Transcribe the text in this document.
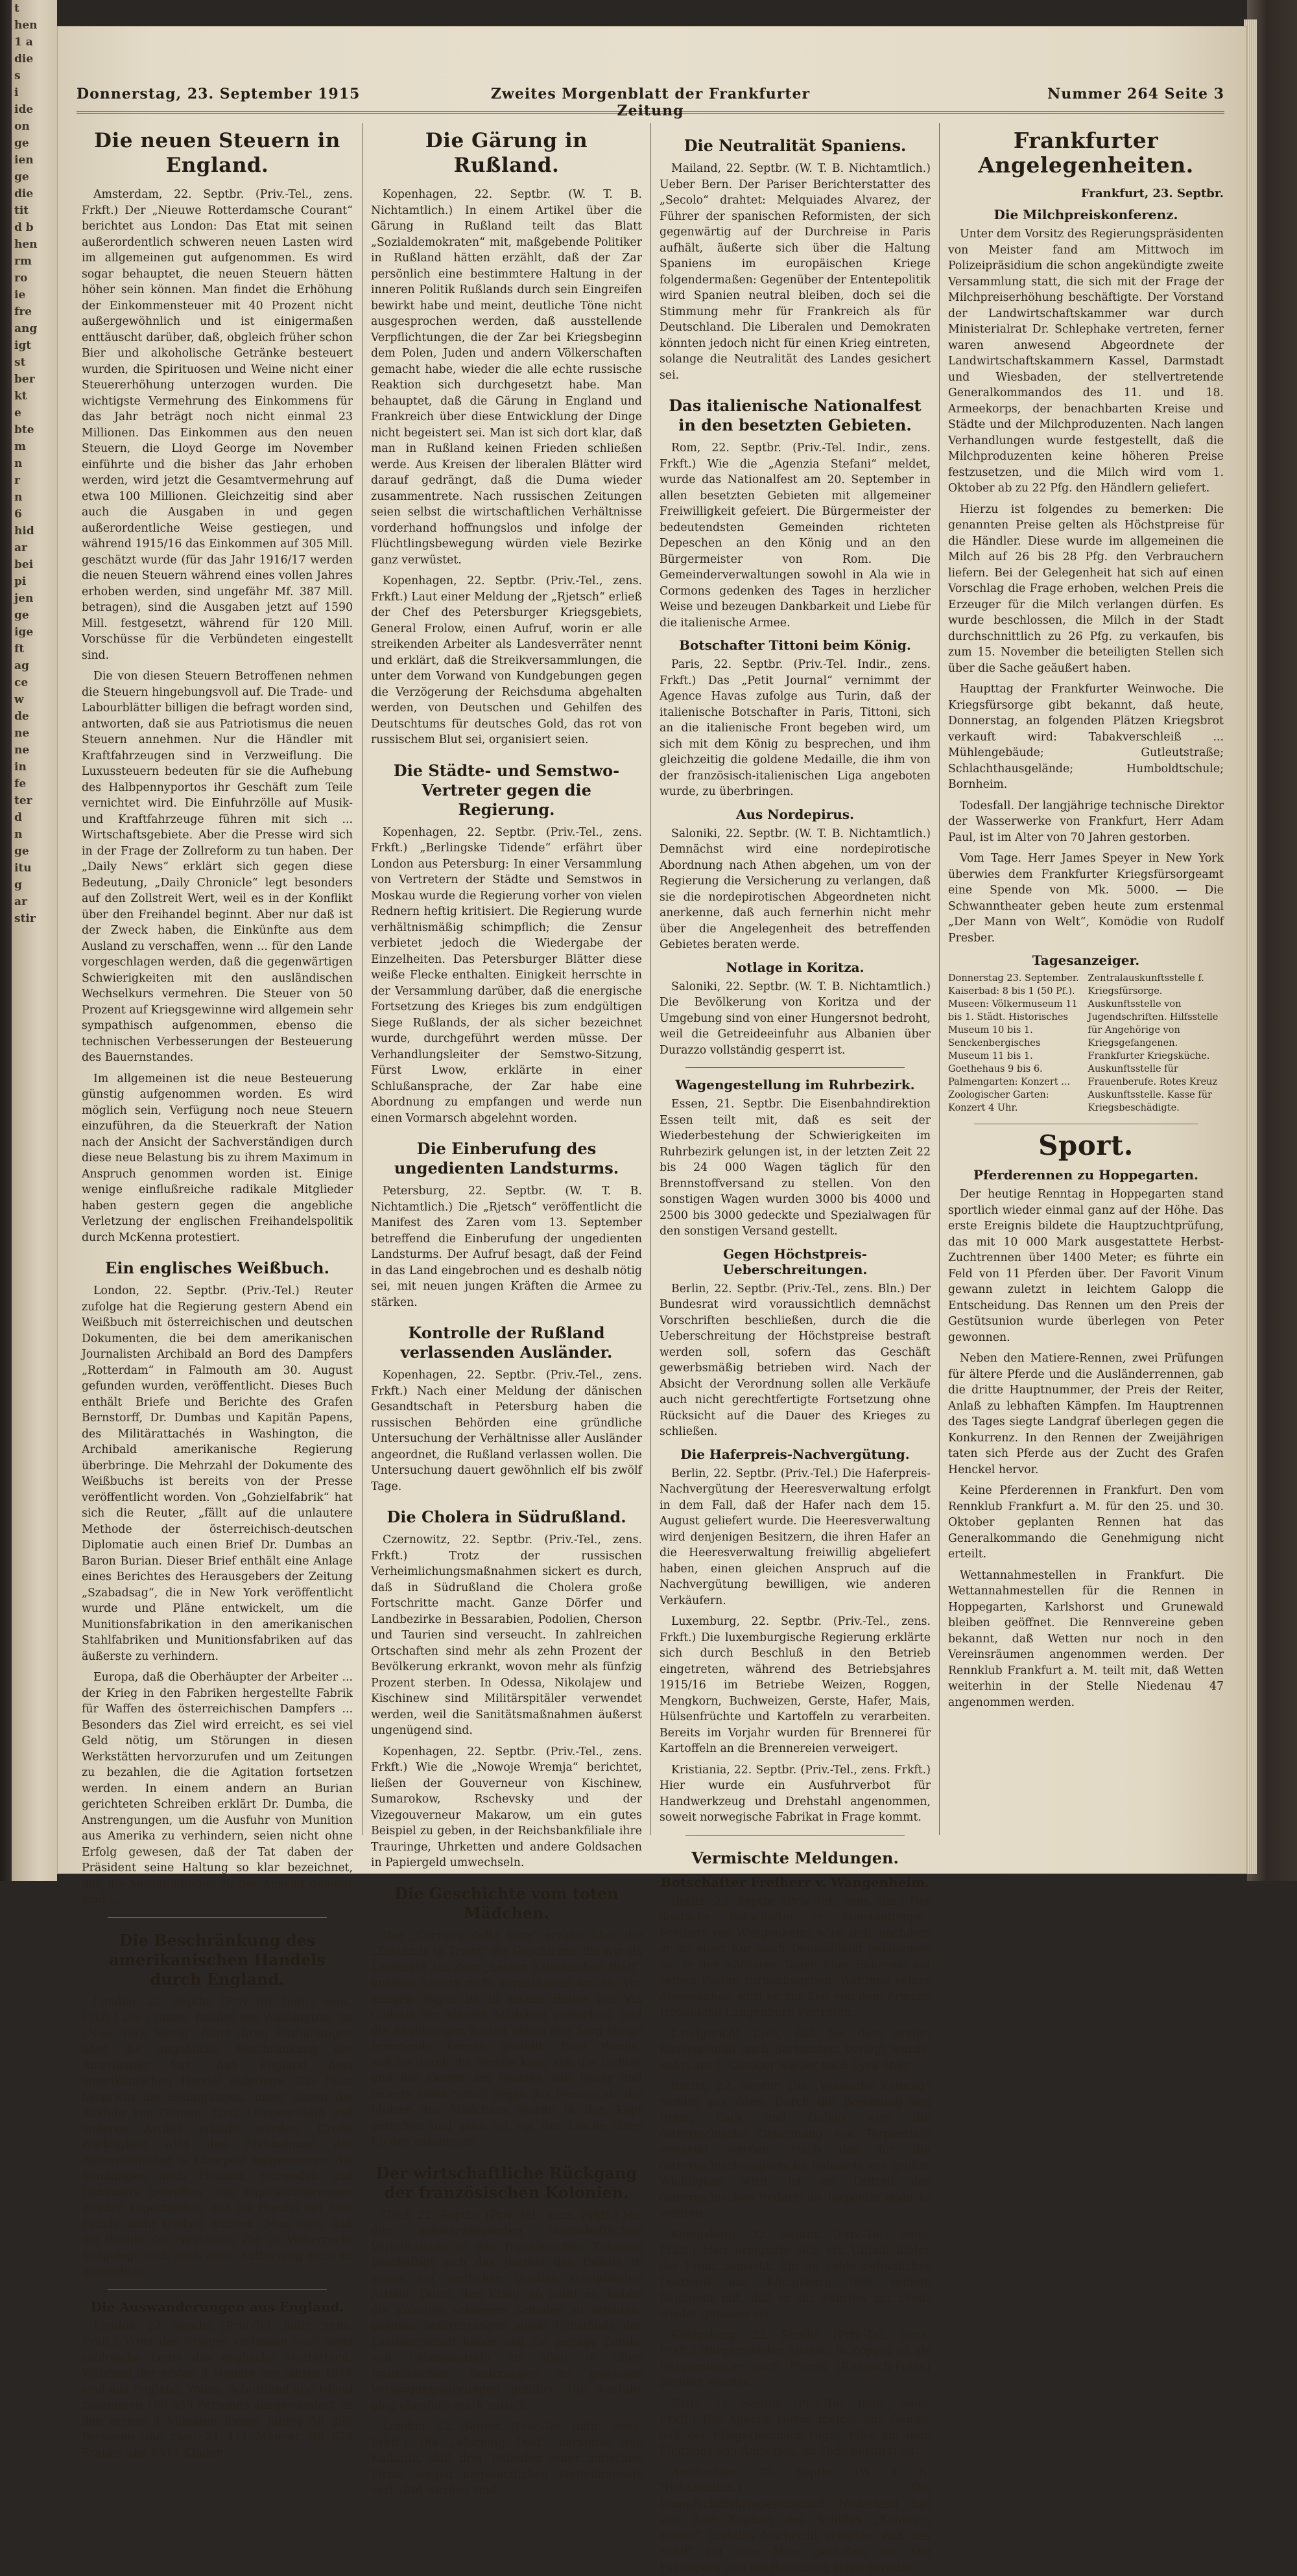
t
hen
1 a
die
s
i
ide
on
ge
ien
ge
die
tit
d b
hen
rm
ro
ie
fre
ang
igt
st
ber
kt
e
bte
m
n
r
n
6
hid
ar
bei
pi
jen
ge
ige
ft
ag
ce
w
de
ne
ne
in
fe
ter
d
n
ge
itu
g
ar
stir
Donnerstag, 23. September 1915	Zweites Morgenblatt der Frankfurter Zeitung
Nummer 264 Seite 3
Die neuen Steuern in England.

Amsterdam, 22. Septbr. (Priv.-Tel., zens. Frkft.) Der „Nieuwe Rotterdamsche Courant“ berichtet aus London: Das Etat mit seinen außerordentlich schweren neuen Lasten wird im allgemeinen gut aufgenommen. Es wird sogar behauptet, die neuen Steuern hätten höher sein können. Man findet die Erhöhung der Einkommensteuer mit 40 Prozent nicht außergewöhnlich und ist einigermaßen enttäuscht darüber, daß, obgleich früher schon Bier und alkoholische Getränke besteuert wurden, die Spirituosen und Weine nicht einer Steuererhöhung unterzogen wurden. Die wichtigste Vermehrung des Einkommens für das Jahr beträgt noch nicht einmal 23 Millionen. Das Einkommen aus den neuen Steuern, die Lloyd George im November einführte und die bisher das Jahr erhoben werden, wird jetzt die Gesamtvermehrung auf etwa 100 Millionen. Gleichzeitig sind aber auch die Ausgaben in und gegen außerordentliche Weise gestiegen, und während 1915/16 das Einkommen auf 305 Mill. geschätzt wurde (für das Jahr 1916/17 werden die neuen Steuern während eines vollen Jahres erhoben werden, sind ungefähr Mf. 387 Mill. betragen), sind die Ausgaben jetzt auf 1590 Mill. festgesetzt, während für 120 Mill. Vorschüsse für die Verbündeten eingestellt sind.

Die von diesen Steuern Betroffenen nehmen die Steuern hingebungsvoll auf. Die Trade- und Labourblätter billigen die befragt worden sind, antworten, daß sie aus Patriotismus die neuen Steuern annehmen. Nur die Händler mit Kraftfahrzeugen sind in Verzweiflung. Die Luxussteuern bedeuten für sie die Aufhebung des Halbpennyportos ihr Geschäft zum Teile vernichtet wird. Die Einfuhrzölle auf Musik- und Kraftfahrzeuge führen mit sich ... Wirtschaftsgebiete. Aber die Presse wird sich in der Frage der Zollreform zu tun haben. Der „Daily News“ erklärt sich gegen diese Bedeutung, „Daily Chronicle“ legt besonders auf den Zollstreit Wert, weil es in der Konflikt über den Freihandel beginnt. Aber nur daß ist der Zweck haben, die Einkünfte aus dem Ausland zu verschaffen, wenn ... für den Lande vorgeschlagen werden, daß die gegenwärtigen Schwierigkeiten mit den ausländischen Wechselkurs vermehren. Die Steuer von 50 Prozent auf Kriegsgewinne wird allgemein sehr sympathisch aufgenommen, ebenso die technischen Verbesserungen der Besteuerung des Bauernstandes.

Im allgemeinen ist die neue Besteuerung günstig aufgenommen worden. Es wird möglich sein, Verfügung noch neue Steuern einzuführen, da die Steuerkraft der Nation nach der Ansicht der Sachverständigen durch diese neue Belastung bis zu ihrem Maximum in Anspruch genommen worden ist. Einige wenige einflußreiche radikale Mitglieder haben gestern gegen die angebliche Verletzung der englischen Freihandelspolitik durch McKenna protestiert.

Ein englisches Weißbuch.

London, 22. Septbr. (Priv.-Tel.) Reuter zufolge hat die Regierung gestern Abend ein Weißbuch mit österreichischen und deutschen Dokumenten, die bei dem amerikanischen Journalisten Archibald an Bord des Dampfers „Rotterdam“ in Falmouth am 30. August gefunden wurden, veröffentlicht. Dieses Buch enthält Briefe und Berichte des Grafen Bernstorff, Dr. Dumbas und Kapitän Papens, des Militärattachés in Washington, die Archibald amerikanische Regierung überbringe. Die Mehrzahl der Dokumente des Weißbuchs ist bereits von der Presse veröffentlicht worden. Von „Gohzielfabrik“ hat sich die Reuter, „fällt auf die unlautere Methode der österreichisch-deutschen Diplomatie auch einen Brief Dr. Dumbas an Baron Burian. Dieser Brief enthält eine Anlage eines Berichtes des Herausgebers der Zeitung „Szabadsag“, die in New York veröffentlicht wurde und Pläne entwickelt, um die Munitionsfabrikation in den amerikanischen Stahlfabriken und Munitionsfabriken auf das äußerste zu verhindern.

Europa, daß die Oberhäupter der Arbeiter ... der Krieg in den Fabriken hergestellte Fabrik für Waffen des österreichischen Dampfers ... Besonders das Ziel wird erreicht, es sei viel Geld nötig, um Störungen in diesen Werkstätten hervorzurufen und um Zeitungen zu bezahlen, die die Agitation fortsetzen werden. In einem andern an Burian gerichteten Schreiben erklärt Dr. Dumba, die Anstrengungen, um die Ausfuhr von Munition aus Amerika zu verhindern, seien nicht ohne Erfolg gewesen, daß der Tat daben der Präsident seine Haltung so klar bezeichnet, daß die Verhandlungen zu der Ansicht gelangt sind ...

Die Beschränkung des amerikanischen Handels durch England.

London, 22. Septbr. (Priv.-Tel. Indir., zens. Frkft.) Die „Times“ meldet aus Washington: Im „New York World“ führt ihren Enthüllungen über die angebliche Beschränkung der Amerikaner fort, daß England dem amerikanischen Handel auferlege. Das Blatt bespricht die Bedingungen, unter denen die Ausfuhr von Gummi, Zinn, Düngemitteln und anderen Artikel erlaubt werden. Große Wichtigkeit wird den Maßnahmen der Baumwollfelder in Liverpool beigemessen, die Sendungen nach Holland, Schweden und Dänemark betreffen. Die Kapitaläußerungen werden zugestanden, daß sie Handel mit dem Feinde nicht treiben würden. Man sagt, daß die Rechte der Neutralen, die im Völkerrecht festgelegt sind, nach einer Auffassung nicht zu missachten.

Die Auswanderungen aus England.

London, 22. Septbr. (Priv.-Tel. Indir., zens. Frkft.) Trotz des Krieges verlassen noch stets zahlreiche Leute das englische Mutterland. Während der ersten 8 Monate des Jahres 1914 sind aus England, Wales, Schottland und Irland zusammen 160 539 Personen ausgewandert, in den ersten 8 Monaten dieses Jahres 50 398 Personen und zwar 21 411 Männer, 20 673 Frauen und 8314 Kinder.

Die Gärung in Rußland.

Kopenhagen, 22. Septbr. (W. T. B. Nichtamtlich.) In einem Artikel über die Gärung in Rußland teilt das Blatt „Sozialdemokraten“ mit, maßgebende Politiker in Rußland hätten erzählt, daß der Zar persönlich eine bestimmtere Haltung in der inneren Politik Rußlands durch sein Eingreifen bewirkt habe und meint, deutliche Töne nicht ausgesprochen werden, daß ausstellende Verpflichtungen, die der Zar bei Kriegsbeginn dem Polen, Juden und andern Völkerschaften gemacht habe, wieder die alle echte russische Reaktion sich durchgesetzt habe. Man behauptet, daß die Gärung in England und Frankreich über diese Entwicklung der Dinge nicht begeistert sei. Man ist sich dort klar, daß man in Rußland keinen Frieden schließen werde. Aus Kreisen der liberalen Blätter wird darauf gedrängt, daß die Duma wieder zusammentrete. Nach russischen Zeitungen seien selbst die wirtschaftlichen Verhältnisse vorderhand hoffnungslos und infolge der Flüchtlingsbewegung würden viele Bezirke ganz verwüstet.

Kopenhagen, 22. Septbr. (Priv.-Tel., zens. Frkft.) Laut einer Meldung der „Rjetsch“ erließ der Chef des Petersburger Kriegsgebiets, General Frolow, einen Aufruf, worin er alle streikenden Arbeiter als Landesverräter nennt und erklärt, daß die Streikversammlungen, die unter dem Vorwand von Kundgebungen gegen die Verzögerung der Reichsduma abgehalten werden, von Deutschen und Gehilfen des Deutschtums für deutsches Gold, das rot von russischem Blut sei, organisiert seien.

Die Städte- und Semstwo-Vertreter gegen die Regierung.

Kopenhagen, 22. Septbr. (Priv.-Tel., zens. Frkft.) „Berlingske Tidende“ erfährt über London aus Petersburg: In einer Versammlung von Vertretern der Städte und Semstwos in Moskau wurde die Regierung vorher von vielen Rednern heftig kritisiert. Die Regierung wurde verhältnismäßig schimpflich; die Zensur verbietet jedoch die Wiedergabe der Einzelheiten. Das Petersburger Blätter diese weiße Flecke enthalten. Einigkeit herrschte in der Versammlung darüber, daß die energische Fortsetzung des Krieges bis zum endgültigen Siege Rußlands, der als sicher bezeichnet wurde, durchgeführt werden müsse. Der Verhandlungsleiter der Semstwo-Sitzung, Fürst Lwow, erklärte in einer Schlußansprache, der Zar habe eine Abordnung zu empfangen und werde nun einen Vormarsch abgelehnt worden.

Die Einberufung des ungedienten Landsturms.

Petersburg, 22. Septbr. (W. T. B. Nichtamtlich.) Die „Rjetsch“ veröffentlicht die Manifest des Zaren vom 13. September betreffend die Einberufung der ungedienten Landsturms. Der Aufruf besagt, daß der Feind in das Land eingebrochen und es deshalb nötig sei, mit neuen jungen Kräften die Armee zu stärken.

Kontrolle der Rußland verlassenden Ausländer.

Kopenhagen, 22. Septbr. (Priv.-Tel., zens. Frkft.) Nach einer Meldung der dänischen Gesandtschaft in Petersburg haben die russischen Behörden eine gründliche Untersuchung der Verhältnisse aller Ausländer angeordnet, die Rußland verlassen wollen. Die Untersuchung dauert gewöhnlich elf bis zwölf Tage.

Die Cholera in Südrußland.

Czernowitz, 22. Septbr. (Priv.-Tel., zens. Frkft.) Trotz der russischen Verheimlichungsmaßnahmen sickert es durch, daß in Südrußland die Cholera große Fortschritte macht. Ganze Dörfer und Landbezirke in Bessarabien, Podolien, Cherson und Taurien sind verseucht. In zahlreichen Ortschaften sind mehr als zehn Prozent der Bevölkerung erkrankt, wovon mehr als fünfzig Prozent sterben. In Odessa, Nikolajew und Kischinew sind Militärspitäler verwendet werden, weil die Sanitätsmaßnahmen äußerst ungenügend sind.

Kopenhagen, 22. Septbr. (Priv.-Tel., zens. Frkft.) Wie die „Nowoje Wremja“ berichtet, ließen der Gouverneur von Kischinew, Sumarokow, Rschevsky und der Vizegouverneur Makarow, um ein gutes Beispiel zu geben, in der Reichsbankfiliale ihre Trauringe, Uhrketten und andere Goldsachen in Papiergeld umwechseln.

Die Geschichte vom toten Mädchen.

Der „Corriere della Sera“ erzählt über die „Zustände in Trient“ die Geschichte, die wir als Leseblüte aus dem „besten italienischen Blatt“ unseren Lesern nicht vorenthalten wollen: Vor einigen Tagen ist in einem Hause bei Via Calloria ein kleines Mädchen gestorben, und die Angehörigen hatten neben den Sarg einige brennende Kerzen gestellt. Eine Woche, welche durch die Straße kam, sah die Lichter und die Kerzen am Fenster, sah Feuer und feuerte einen Schuß gegen das Fenster ab, die Mutter des Mädchens wurde in den Kopf getroffen und sank tot vor der Leiche ihres Kindes zusammen.

Der wirtschaftliche Rückgang der französischen Kolonien.

Genf, 22. Septbr. (Priv.-Tel., zens. Frkft.) Mit den schwerwiegenden wirtschaftlichen Verhältnissen in den französischen Kolonien beschäftigt sich das Journal des Débats in einem auf amtlichen Quellen schöpfenden Artikel. Durch den Krieg, so heißt es, haben die Kolonien schweren Schaden zu erleiden; gewisse befürchtungen sowie Mißstände der Landwirtschaft haben und die geringe Zufuhr von Lebensmitteln zu allen in allen französischen Besitzungen zu gewissen Versorgungsstörungen geführt. Die Ausfuhr ging ebenfalls stark zurück.

London, 22. Septbr. (Priv.-Tel. Indir., zens. Frkft.) Die „Morning Post“ berichtet aus Kalkutta, daß drei Teilhaber einer indischen Firma wegen ungesetzlichen Waffenhandels verhaftet worden sind.

Die Neutralität Spaniens.

Mailand, 22. Septbr. (W. T. B. Nichtamtlich.) Ueber Bern. Der Pariser Berichterstatter des „Secolo“ drahtet: Melquiades Alvarez, der Führer der spanischen Reformisten, der sich gegenwärtig auf der Durchreise in Paris aufhält, äußerte sich über die Haltung Spaniens im europäischen Kriege folgendermaßen: Gegenüber der Ententepolitik wird Spanien neutral bleiben, doch sei die Stimmung mehr für Frankreich als für Deutschland. Die Liberalen und Demokraten könnten jedoch nicht für einen Krieg eintreten, solange die Neutralität des Landes gesichert sei.

Das italienische Nationalfest in den besetzten Gebieten.

Rom, 22. Septbr. (Priv.-Tel. Indir., zens. Frkft.) Wie die „Agenzia Stefani“ meldet, wurde das Nationalfest am 20. September in allen besetzten Gebieten mit allgemeiner Freiwilligkeit gefeiert. Die Bürgermeister der bedeutendsten Gemeinden richteten Depeschen an den König und an den Bürgermeister von Rom. Die Gemeinderverwaltungen sowohl in Ala wie in Cormons gedenken des Tages in herzlicher Weise und bezeugen Dankbarkeit und Liebe für die italienische Armee.

Botschafter Tittoni beim König.

Paris, 22. Septbr. (Priv.-Tel. Indir., zens. Frkft.) Das „Petit Journal“ vernimmt der Agence Havas zufolge aus Turin, daß der italienische Botschafter in Paris, Tittoni, sich an die italienische Front begeben wird, um sich mit dem König zu besprechen, und ihm gleichzeitig die goldene Medaille, die ihm von der französisch-italienischen Liga angeboten wurde, zu überbringen.

Aus Nordepirus.

Saloniki, 22. Septbr. (W. T. B. Nichtamtlich.) Demnächst wird eine nordepirotische Abordnung nach Athen abgehen, um von der Regierung die Versicherung zu verlangen, daß sie die nordepirotischen Abgeordneten nicht anerkenne, daß auch fernerhin nicht mehr über die Angelegenheit des betreffenden Gebietes beraten werde.

Notlage in Koritza.

Saloniki, 22. Septbr. (W. T. B. Nichtamtlich.) Die Bevölkerung von Koritza und der Umgebung sind von einer Hungersnot bedroht, weil die Getreideeinfuhr aus Albanien über Durazzo vollständig gesperrt ist.

Wagengestellung im Ruhrbezirk.

Essen, 21. Septbr. Die Eisenbahndirektion Essen teilt mit, daß es seit der Wiederbestehung der Schwierigkeiten im Ruhrbezirk gelungen ist, in der letzten Zeit 22 bis 24 000 Wagen täglich für den Brennstoffversand zu stellen. Von den sonstigen Wagen wurden 3000 bis 4000 und 2500 bis 3000 gedeckte und Spezialwagen für den sonstigen Versand gestellt.

Gegen Höchstpreis-Ueberschreitungen.

Berlin, 22. Septbr. (Priv.-Tel., zens. Bln.) Der Bundesrat wird voraussichtlich demnächst Vorschriften beschließen, durch die die Ueberschreitung der Höchstpreise bestraft werden soll, sofern das Geschäft gewerbsmäßig betrieben wird. Nach der Absicht der Verordnung sollen alle Verkäufe auch nicht gerechtfertigte Fortsetzung ohne Rücksicht auf die Dauer des Krieges zu schließen.

Die Haferpreis-Nachvergütung.

Berlin, 22. Septbr. (Priv.-Tel.) Die Haferpreis-Nachvergütung der Heeresverwaltung erfolgt in dem Fall, daß der Hafer nach dem 15. August geliefert wurde. Die Heeresverwaltung wird denjenigen Besitzern, die ihren Hafer an die Heeresverwaltung freiwillig abgeliefert haben, einen gleichen Anspruch auf die Nachvergütung bewilligen, wie anderen Verkäufern.

Luxemburg, 22. Septbr. (Priv.-Tel., zens. Frkft.) Die luxemburgische Regierung erklärte sich durch Beschluß in den Betrieb eingetreten, während des Betriebsjahres 1915/16 im Betriebe Weizen, Roggen, Mengkorn, Buchweizen, Gerste, Hafer, Mais, Hülsenfrüchte und Kartoffeln zu verarbeiten. Bereits im Vorjahr wurden für Brennerei für Kartoffeln an die Brennereien verweigert.

Kristiania, 22. Septbr. (Priv.-Tel., zens. Frkft.) Hier wurde ein Ausfuhrverbot für Handwerkzeug und Drehstahl angenommen, soweit norwegische Fabrikat in Frage kommt.

Vermischte Meldungen.
Botschafter Freiherr v. Wangenheim.

Berlin, 22. Septbr. (Priv.-Tel., zens. Bln.) Der deutsche Botschafter in Konstantinopel, Freiherr von Wangenheim, wird sich, nachdem er zu einer Kur nach Deutschland gekommen ist, in den nächsten Tagen über Bukarest auf seinen Posten zurückbegeben. Während seiner Abwesenheit wird er, zur Zeit von dem Prinzen Hohenlohe-Langenburg vertreten.

Landgericht Lyck, daß bei dem ersten Russeneinfall nach Bartenstein verlegt wurde, kehrt am 1. Oktober wieder nach Lyck über.

Berlin, 22. Septbr. Die „Vossische Zeitung“ meldet aus Wien: Durch die Besetzung von Brest, Kuck und Dubno wird die österreichische Gewinnung von Terpentinöl erwartet werden. Nach den für die österreichisch-ungarische Industrie von großer Wichtigkeit wird, ist ein Dritteil des österreichischen Bedarfs an Terpentin gedeckt werden.

Königsberg, 22. Septbr. (Priv.-Tel., zens. Frkft.) Hier ereignete sich ein Unfall, hinter der Front bemerkt. Ein im Felde befindlicher Leutnant aus Königsberg teilt seinem Regiment mit, daß er für Fahrten zur Front wieder genesen sei.

Königsberg, 22. Septbr. (Priv.-Tel., zens. Frkft.) Bürgermeister Twiesel in Zoppot ist als Bürgermeister nach Plonsk (Russisch-Polen) berufen worden.

Paris, 22. Septbr. (Priv.-Tel. Indir., zens. Frkft.) Die Agence Havas meldet aus Genua, daß der Fliegerleutnant Pagis, Pilot auf dem Flugfelde von Ambérieu, zu Tode gestürzt ist.

Amsterdam, 22. Septbr. (W. T. B. Nichtamtlich.) Die Dampfschiffahrtsgesellschaft Nederland hat von dem Kapitän des Schiffes „Koningin Emma“ drahtlos Nachricht erhalten, daß das Schiff auf eine Mine gestoßen sei. Die Passagiere und die Besatzung seien gerettet.

Frankfurter Angelegenheiten.
Frankfurt, 23. Septbr.
Die Milchpreiskonferenz.

Unter dem Vorsitz des Regierungspräsidenten von Meister fand am Mittwoch im Polizeipräsidium die schon angekündigte zweite Versammlung statt, die sich mit der Frage der Milchpreiserhöhung beschäftigte. Der Vorstand der Landwirtschaftskammer war durch Ministerialrat Dr. Schlephake vertreten, ferner waren anwesend Abgeordnete der Landwirtschaftskammern Kassel, Darmstadt und Wiesbaden, der stellvertretende Generalkommandos des 11. und 18. Armeekorps, der benachbarten Kreise und Städte und der Milchproduzenten. Nach langen Verhandlungen wurde festgestellt, daß die Milchproduzenten keine höheren Preise festzusetzen, und die Milch wird vom 1. Oktober ab zu 22 Pfg. den Händlern geliefert.

Hierzu ist folgendes zu bemerken: Die genannten Preise gelten als Höchstpreise für die Händler. Diese wurde im allgemeinen die Milch auf 26 bis 28 Pfg. den Verbrauchern liefern. Bei der Gelegenheit hat sich auf einen Vorschlag die Frage erhoben, welchen Preis die Erzeuger für die Milch verlangen dürfen. Es wurde beschlossen, die Milch in der Stadt durchschnittlich zu 26 Pfg. zu verkaufen, bis zum 15. November die beteiligten Stellen sich über die Sache geäußert haben.

Haupttag der Frankfurter Weinwoche. Die Kriegsfürsorge gibt bekannt, daß heute, Donnerstag, an folgenden Plätzen Kriegsbrot verkauft wird: Tabakverschleiß ... Mühlengebäude; Gutleutstraße; Schlachthausgelände; Humboldtschule; Bornheim.

Todesfall. Der langjährige technische Direktor der Wasserwerke von Frankfurt, Herr Adam Paul, ist im Alter von 70 Jahren gestorben.

Vom Tage. Herr James Speyer in New York überwies dem Frankfurter Kriegsfürsorgeamt eine Spende von Mk. 5000. — Die Schwanntheater geben heute zum erstenmal „Der Mann von Welt“, Komödie von Rudolf Presber.

Tagesanzeiger.
Donnerstag 23. September. Kaiserbad: 8 bis 1 (50 Pf.). Museen: Völkermuseum 11 bis 1. Städt. Historisches Museum 10 bis 1. Senckenbergisches Museum 11 bis 1. Goethehaus 9 bis 6. Palmengarten: Konzert ... Zoologischer Garten: Konzert 4 Uhr.
Zentralauskunftsstelle f. Kriegsfürsorge. Auskunftsstelle von Jugendschriften. Hilfsstelle für Angehörige von Kriegsgefangenen. Frankfurter Kriegsküche. Auskunftsstelle für Frauenberufe. Rotes Kreuz Auskunftsstelle. Kasse für Kriegsbeschädigte.
Sport.
Pferderennen zu Hoppegarten.

Der heutige Renntag in Hoppegarten stand sportlich wieder einmal ganz auf der Höhe. Das erste Ereignis bildete die Hauptzuchtprüfung, das mit 10 000 Mark ausgestattete Herbst-Zuchtrennen über 1400 Meter; es führte ein Feld von 11 Pferden über. Der Favorit Vinum gewann zuletzt in leichtem Galopp die Entscheidung. Das Rennen um den Preis der Gestütsunion wurde überlegen von Peter gewonnen.

Neben den Matiere-Rennen, zwei Prüfungen für ältere Pferde und die Ausländerrennen, gab die dritte Hauptnummer, der Preis der Reiter, Anlaß zu lebhaften Kämpfen. Im Hauptrennen des Tages siegte Landgraf überlegen gegen die Konkurrenz. In den Rennen der Zweijährigen taten sich Pferde aus der Zucht des Grafen Henckel hervor.

Keine Pferderennen in Frankfurt. Den vom Rennklub Frankfurt a. M. für den 25. und 30. Oktober geplanten Rennen hat das Generalkommando die Genehmigung nicht erteilt.

Wettannahmestellen in Frankfurt. Die Wettannahmestellen für die Rennen in Hoppegarten, Karlshorst und Grunewald bleiben geöffnet. Die Rennvereine geben bekannt, daß Wetten nur noch in den Vereinsräumen angenommen werden. Der Rennklub Frankfurt a. M. teilt mit, daß Wetten weiterhin in der Stelle Niedenau 47 angenommen werden.
